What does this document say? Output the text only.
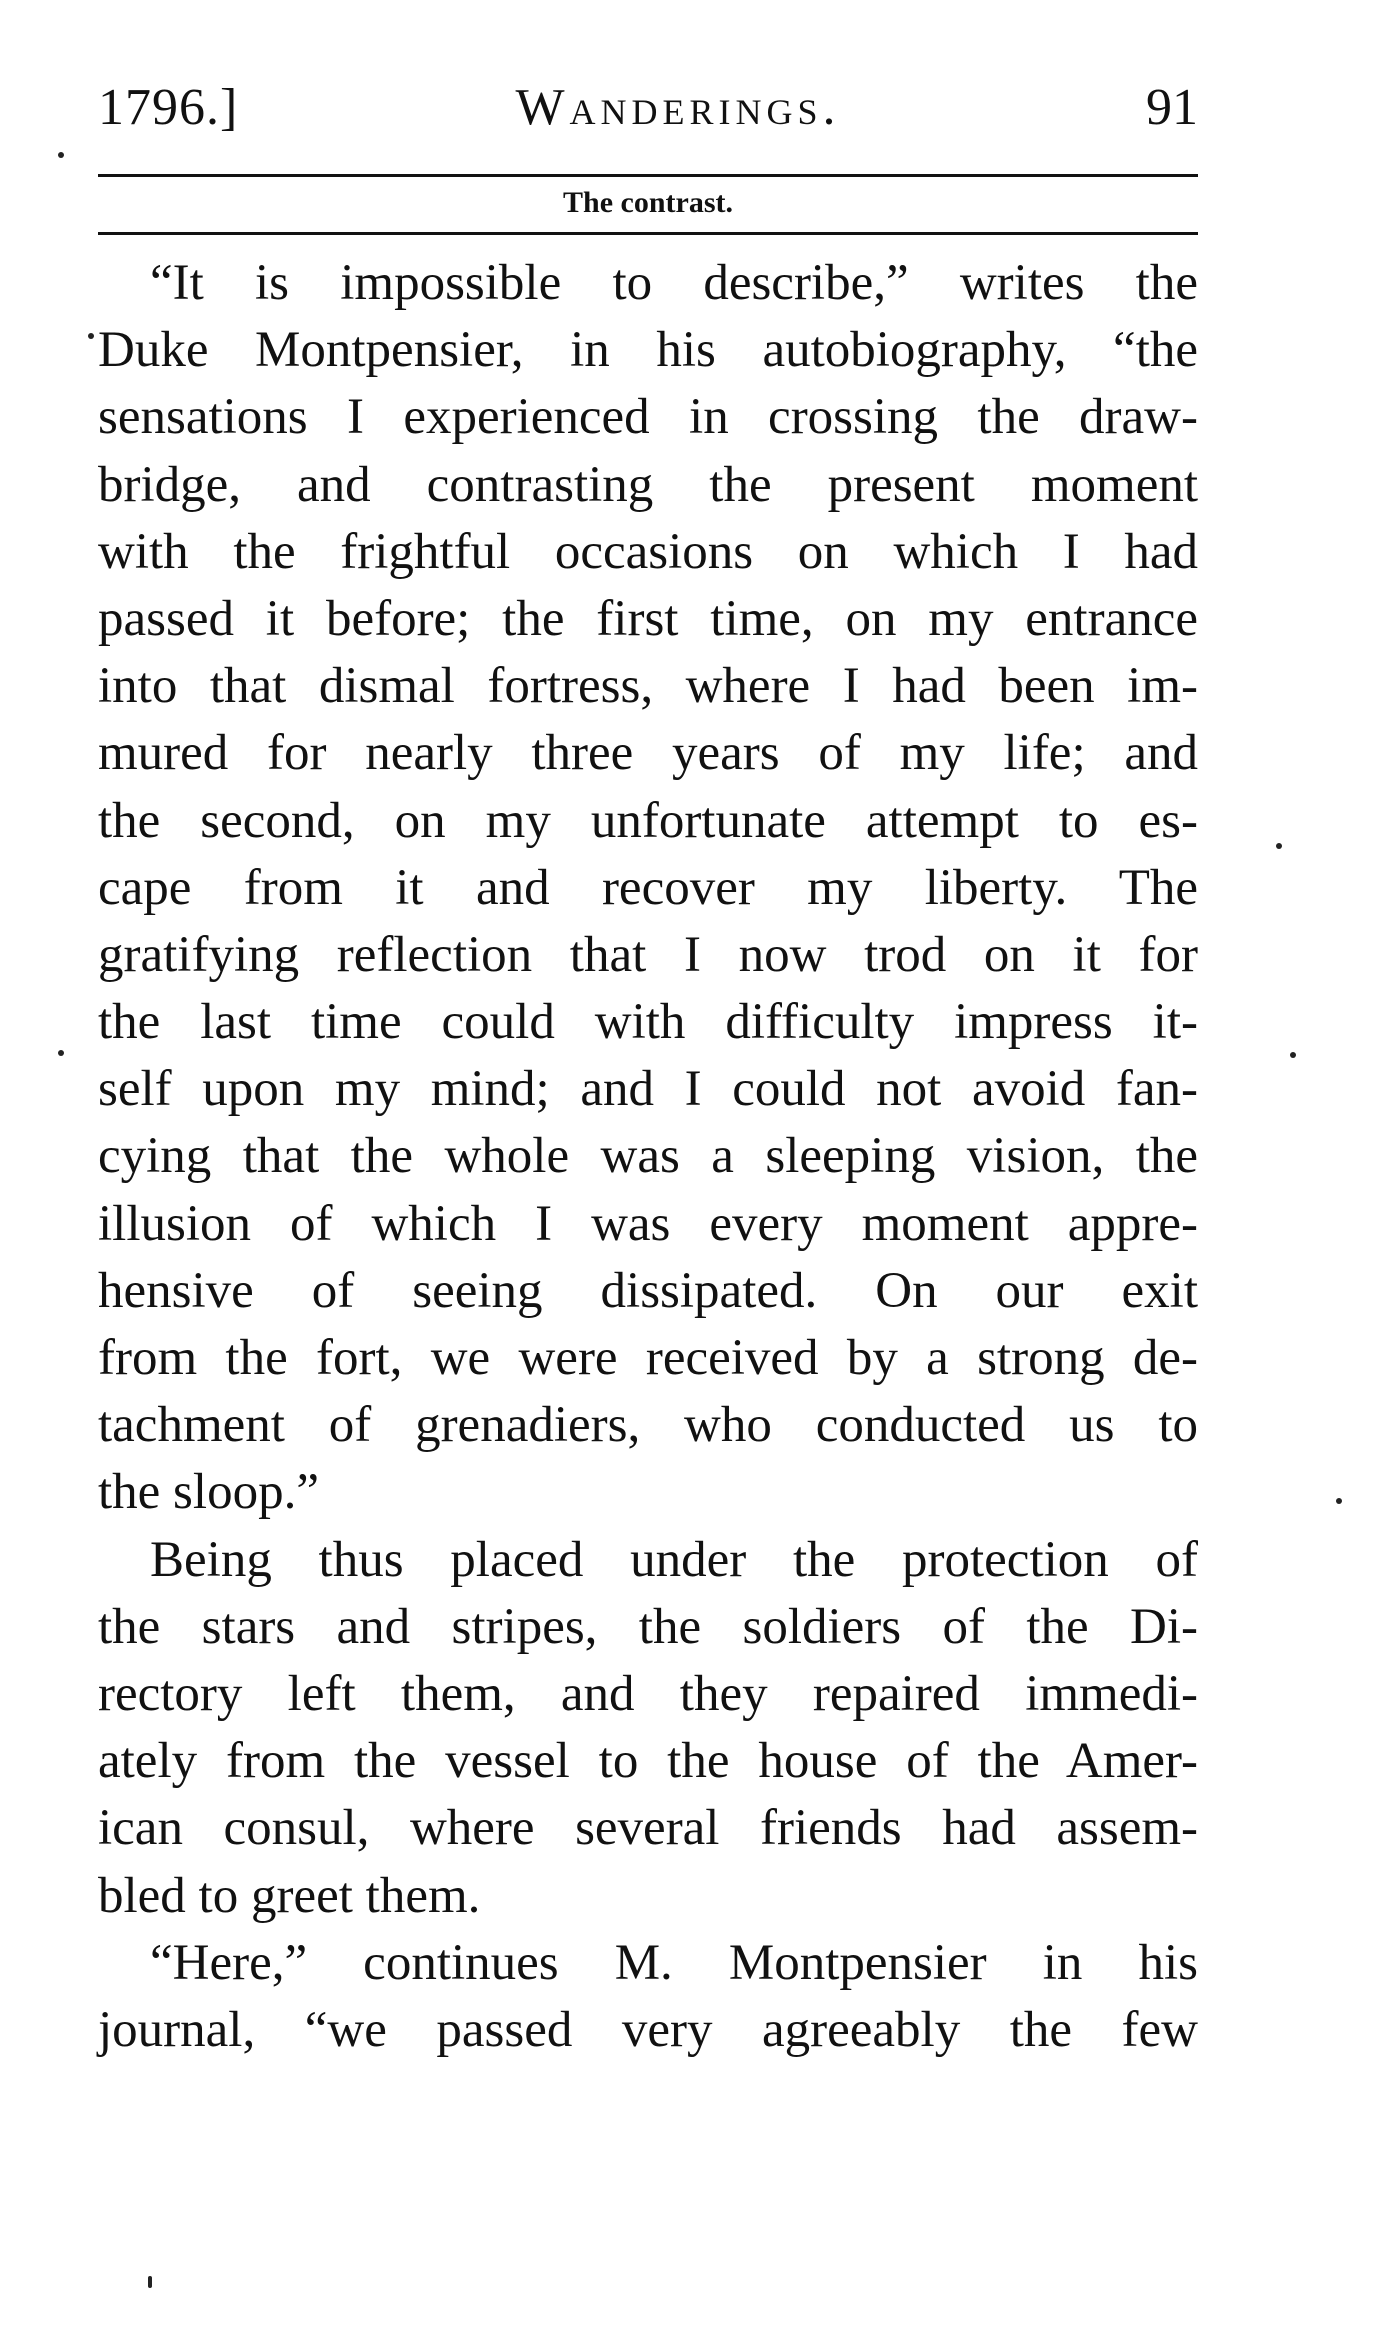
1796.]	Wanderings.	91
The contrast.
“It is impossible to describe,” writes the
Duke Montpensier, in his autobiography, “the
sensations I experienced in crossing the draw-
bridge, and contrasting the present moment
with the frightful occasions on which I had
passed it before; the first time, on my entrance
into that dismal fortress, where I had been im-
mured for nearly three years of my life; and
the second, on my unfortunate attempt to es-
cape from it and recover my liberty. The
gratifying reflection that I now trod on it for
the last time could with difficulty impress it-
self upon my mind; and I could not avoid fan-
cying that the whole was a sleeping vision, the
illusion of which I was every moment appre-
hensive of seeing dissipated. On our exit
from the fort, we were received by a strong de-
tachment of grenadiers, who conducted us to
the sloop.”
Being thus placed under the protection of
the stars and stripes, the soldiers of the Di-
rectory left them, and they repaired immedi-
ately from the vessel to the house of the Amer-
ican consul, where several friends had assem-
bled to greet them.
“Here,” continues M. Montpensier in his
journal, “we passed very agreeably the few
